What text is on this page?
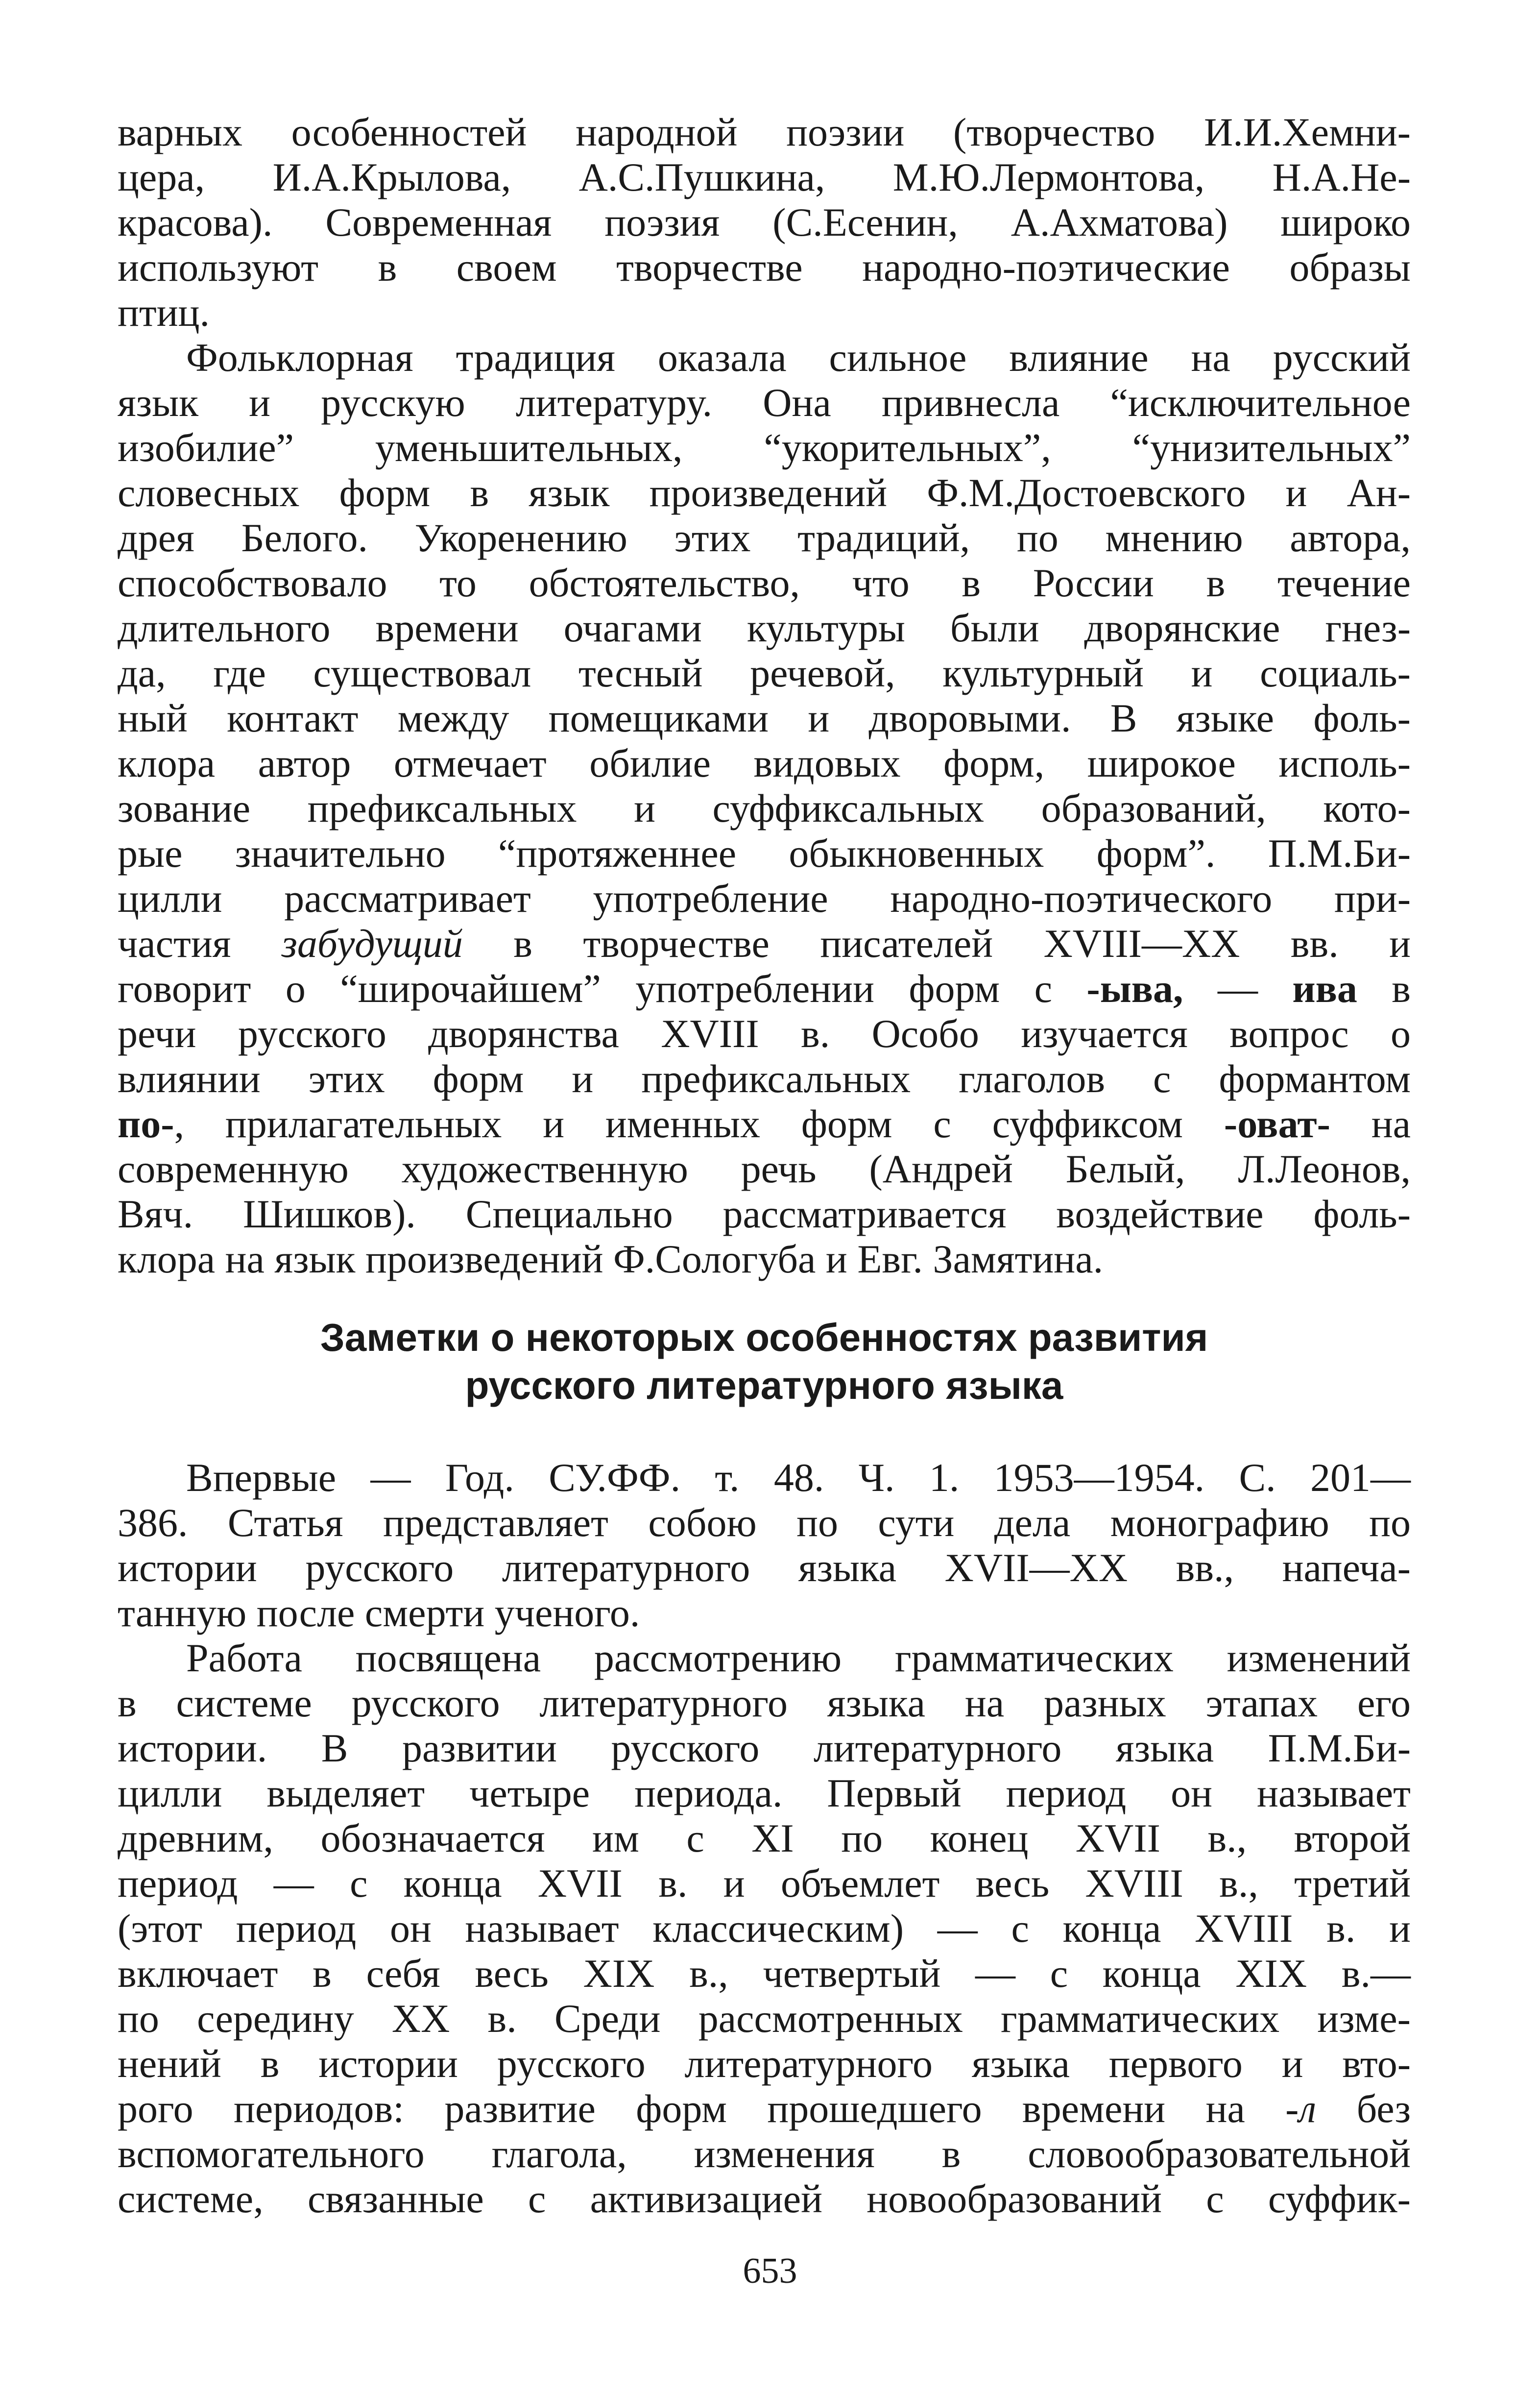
варных особенностей народной поэзии (творчество И.И.Хемни-
цера, И.А.Крылова, А.С.Пушкина, М.Ю.Лермонтова, Н.А.Не-
красова). Современная поэзия (С.Есенин, А.Ахматова) широко
используют в своем творчестве народно-поэтические образы
птиц.
Фольклорная традиция оказала сильное влияние на русский
язык и русскую литературу. Она привнесла “исключительное
изобилие” уменьшительных, “укорительных”, “унизительных”
словесных форм в язык произведений Ф.М.Достоевского и Ан-
дрея Белого. Укоренению этих традиций, по мнению автора,
способствовало то обстоятельство, что в России в течение
длительного времени очагами культуры были дворянские гнез-
да, где существовал тесный речевой, культурный и социаль-
ный контакт между помещиками и дворовыми. В языке фоль-
клора автор отмечает обилие видовых форм, широкое исполь-
зование префиксальных и суффиксальных образований, кото-
рые значительно “протяженнее обыкновенных форм”. П.М.Би-
цилли рассматривает употребление народно-поэтического при-
частия забудущий в творчестве писателей XVIII—XX вв. и
говорит о “широчайшем” употреблении форм с -ыва, — ива в
речи русского дворянства XVIII в. Особо изучается вопрос о
влиянии этих форм и префиксальных глаголов с формантом
по-, прилагательных и именных форм с суффиксом -оват- на
современную художественную речь (Андрей Белый, Л.Леонов,
Вяч. Шишков). Специально рассматривается воздействие фоль-
клора на язык произведений Ф.Сологуба и Евг. Замятина.
Заметки о некоторых особенностях развития
русского литературного языка
Впервые — Год. СУ.ФФ. т. 48. Ч. 1. 1953—1954. С. 201—
386. Статья представляет собою по сути дела монографию по
истории русского литературного языка XVII—XX вв., напеча-
танную после смерти ученого.
Работа посвящена рассмотрению грамматических изменений
в системе русского литературного языка на разных этапах его
истории. В развитии русского литературного языка П.М.Би-
цилли выделяет четыре периода. Первый период он называет
древним, обозначается им с XI по конец XVII в., второй
период — с конца XVII в. и объемлет весь XVIII в., третий
(этот период он называет классическим) — с конца XVIII в. и
включает в себя весь XIX в., четвертый — с конца XIX в.—
по середину XX в. Среди рассмотренных грамматических изме-
нений в истории русского литературного языка первого и вто-
рого периодов: развитие форм прошедшего времени на -л без
вспомогательного глагола, изменения в словообразовательной
системе, связанные с активизацией новообразований с суффик-
653
